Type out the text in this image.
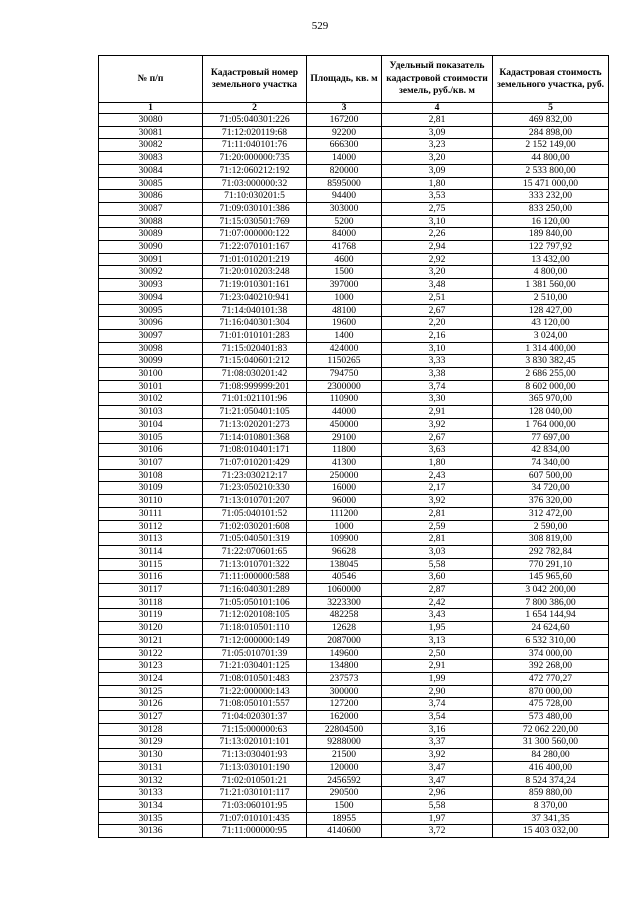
529
№ п/п	Кадастровый номер земельного участка	Площадь, кв. м	Удельный показатель кадастровой стоимости земель, руб./кв. м	Кадастровая стоимость земельного участка, руб.
1	2	3	4	5
30080	71:05:040301:226	167200	2,81	469 832,00
30081	71:12:020119:68	92200	3,09	284 898,00
30082	71:11:040101:76	666300	3,23	2 152 149,00
30083	71:20:000000:735	14000	3,20	44 800,00
30084	71:12:060212:192	820000	3,09	2 533 800,00
30085	71:03:000000:32	8595000	1,80	15 471 000,00
30086	71:10:030201:5	94400	3,53	333 232,00
30087	71:09:030101:386	303000	2,75	833 250,00
30088	71:15:030501:769	5200	3,10	16 120,00
30089	71:07:000000:122	84000	2,26	189 840,00
30090	71:22:070101:167	41768	2,94	122 797,92
30091	71:01:010201:219	4600	2,92	13 432,00
30092	71:20:010203:248	1500	3,20	4 800,00
30093	71:19:010301:161	397000	3,48	1 381 560,00
30094	71:23:040210:941	1000	2,51	2 510,00
30095	71:14:040101:38	48100	2,67	128 427,00
30096	71:16:040301:304	19600	2,20	43 120,00
30097	71:01:010101:283	1400	2,16	3 024,00
30098	71:15:020401:83	424000	3,10	1 314 400,00
30099	71:15:040601:212	1150265	3,33	3 830 382,45
30100	71:08:030201:42	794750	3,38	2 686 255,00
30101	71:08:999999:201	2300000	3,74	8 602 000,00
30102	71:01:021101:96	110900	3,30	365 970,00
30103	71:21:050401:105	44000	2,91	128 040,00
30104	71:13:020201:273	450000	3,92	1 764 000,00
30105	71:14:010801:368	29100	2,67	77 697,00
30106	71:08:010401:171	11800	3,63	42 834,00
30107	71:07:010201:429	41300	1,80	74 340,00
30108	71:23:030212:17	250000	2,43	607 500,00
30109	71:23:050210:330	16000	2,17	34 720,00
30110	71:13:010701:207	96000	3,92	376 320,00
30111	71:05:040101:52	111200	2,81	312 472,00
30112	71:02:030201:608	1000	2,59	2 590,00
30113	71:05:040501:319	109900	2,81	308 819,00
30114	71:22:070601:65	96628	3,03	292 782,84
30115	71:13:010701:322	138045	5,58	770 291,10
30116	71:11:000000:588	40546	3,60	145 965,60
30117	71:16:040301:289	1060000	2,87	3 042 200,00
30118	71:05:050101:106	3223300	2,42	7 800 386,00
30119	71:12:020108:105	482258	3,43	1 654 144,94
30120	71:18:010501:110	12628	1,95	24 624,60
30121	71:12:000000:149	2087000	3,13	6 532 310,00
30122	71:05:010701:39	149600	2,50	374 000,00
30123	71:21:030401:125	134800	2,91	392 268,00
30124	71:08:010501:483	237573	1,99	472 770,27
30125	71:22:000000:143	300000	2,90	870 000,00
30126	71:08:050101:557	127200	3,74	475 728,00
30127	71:04:020301:37	162000	3,54	573 480,00
30128	71:15:000000:63	22804500	3,16	72 062 220,00
30129	71:13:020101:101	9288000	3,37	31 300 560,00
30130	71:13:030401:93	21500	3,92	84 280,00
30131	71:13:030101:190	120000	3,47	416 400,00
30132	71:02:010501:21	2456592	3,47	8 524 374,24
30133	71:21:030101:117	290500	2,96	859 880,00
30134	71:03:060101:95	1500	5,58	8 370,00
30135	71:07:010101:435	18955	1,97	37 341,35
30136	71:11:000000:95	4140600	3,72	15 403 032,00
